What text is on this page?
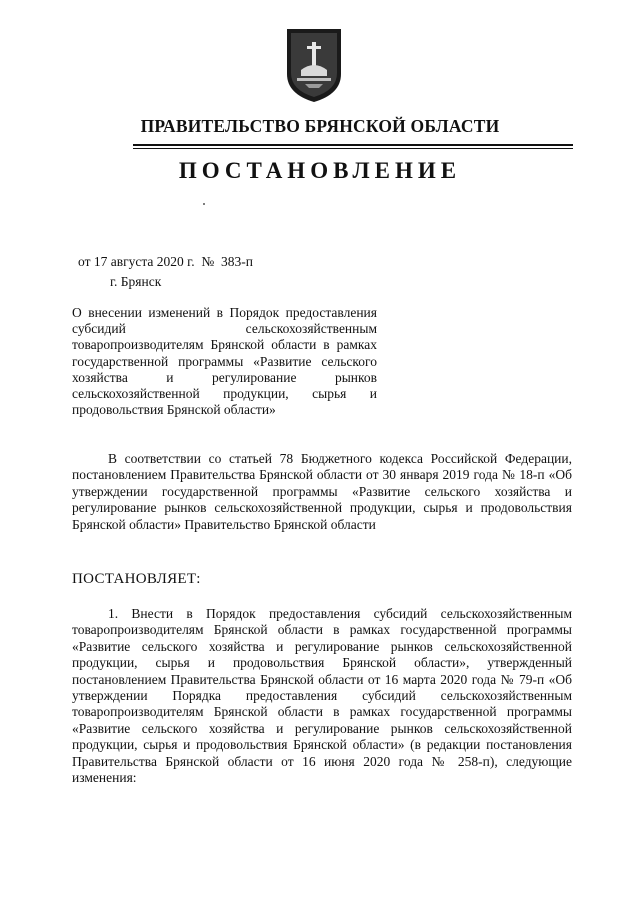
ПРАВИТЕЛЬСТВО БРЯНСКОЙ ОБЛАСТИ
ПОСТАНОВЛЕНИЕ
от 17 августа 2020 г.  №  383-п
г. Брянск
О внесении изменений в Порядок предоставления субсидий сельскохозяйственным товаропроизводителям Брянской области в рамках государственной программы «Развитие сельского хозяйства и регулирование рынков сельскохозяйственной продукции, сырья и продовольствия Брянской области»
В соответствии со статьей 78 Бюджетного кодекса Российской Федерации, постановлением Правительства Брянской области от 30 января 2019 года № 18-п «Об утверждении государственной программы «Развитие сельского хозяйства и регулирование рынков сельскохозяйственной продукции, сырья и продовольствия Брянской области» Правительство Брянской области
ПОСТАНОВЛЯЕТ:
1. Внести в Порядок предоставления субсидий сельскохозяйственным товаропроизводителям Брянской области в рамках государственной программы «Развитие сельского хозяйства и регулирование рынков сельскохозяйственной продукции, сырья и продовольствия Брянской области», утвержденный постановлением Правительства Брянской области от 16 марта 2020 года № 79-п «Об утверждении Порядка предоставления субсидий сельскохозяйственным товаропроизводителям Брянской области в рамках государственной программы «Развитие сельского хозяйства и регулирование рынков сельскохозяйственной продукции, сырья и продовольствия Брянской области» (в редакции постановления Правительства Брянской области от 16 июня 2020 года № 258-п), следующие изменения:
